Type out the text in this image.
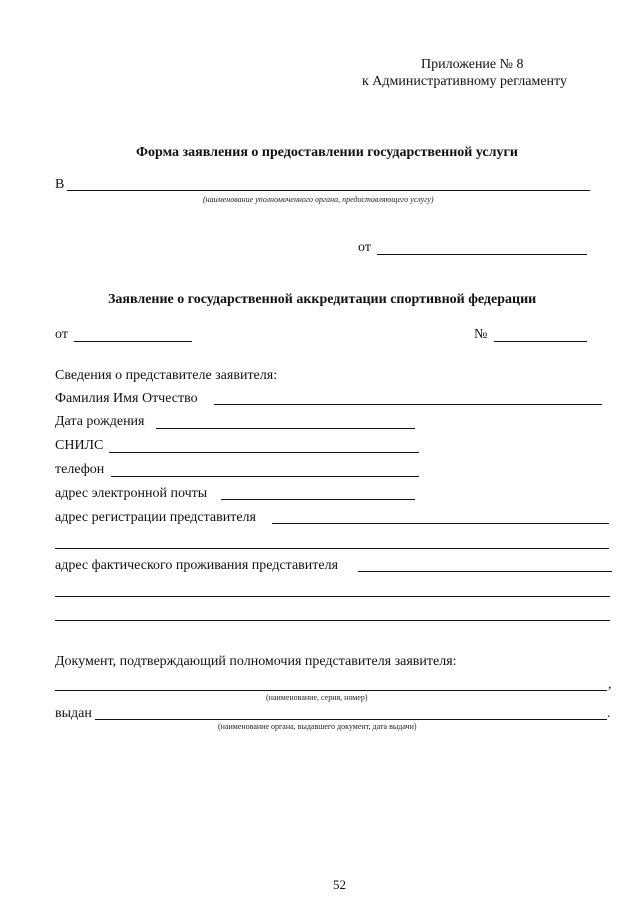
Приложение № 8
к Административному регламенту
Форма заявления о предоставлении государственной услуги
В
(наименование уполномоченного органа, предоставляющего услугу)
от
Заявление о государственной аккредитации спортивной федерации
от	№
Сведения о представителе заявителя:
Фамилия Имя Отчество
Дата рождения
СНИЛС
телефон
адрес электронной почты
адрес регистрации представителя
адрес фактического проживания представителя
Документ, подтверждающий полномочия представителя заявителя:
,
(наименование, серия, номер)
выдан	.
(наименование органа, выдавшего документ, дата выдачи)
52
